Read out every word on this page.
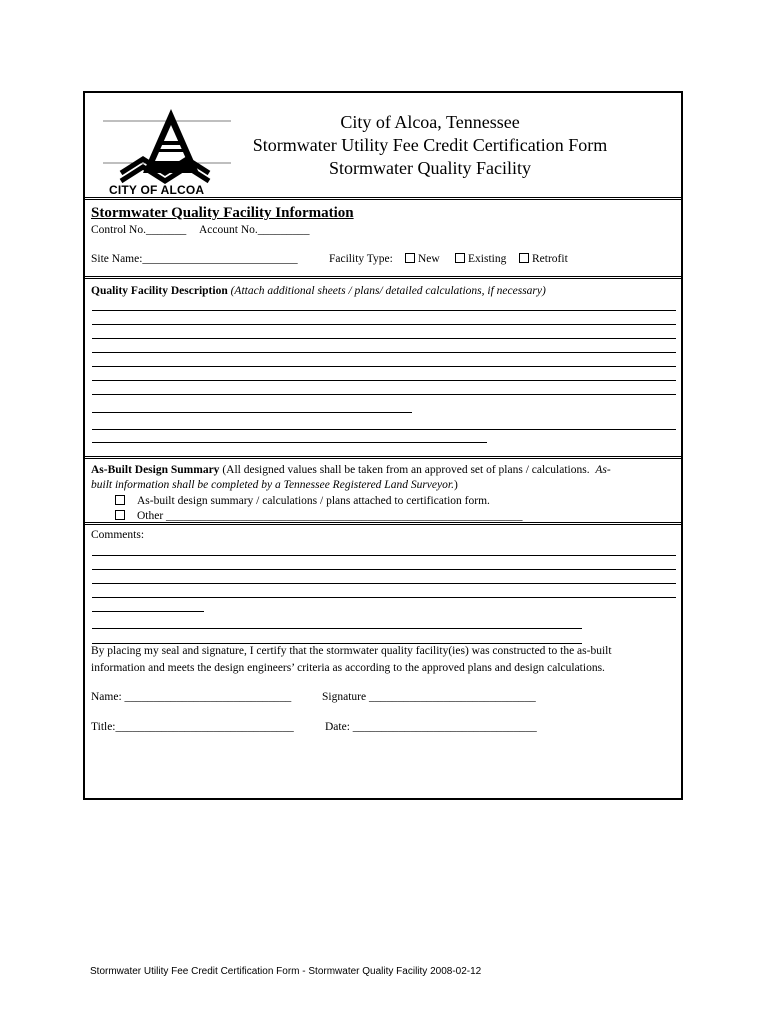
CITY OF ALCOA
City of Alcoa, Tennessee
Stormwater Utility Fee Credit Certification Form
Stormwater Quality Facility
Stormwater Quality Facility Information
Control No._______ Account No._________
Site Name:___________________________	Facility Type:	New	Existing	Retrofit
Quality Facility Description (Attach additional sheets / plans/ detailed calculations, if necessary)
As-Built Design Summary (All designed values shall be taken from an approved set of plans / calculations. As-
built information shall be completed by a Tennessee Registered Land Surveyor.)
As-built design summary / calculations / plans attached to certification form.
Other ______________________________________________________________
Comments:
By placing my seal and signature, I certify that the stormwater quality facility(ies) was constructed to the as-built
information and meets the design engineers’ criteria as according to the approved plans and design calculations.
Name: _____________________________	Signature _____________________________
Title:_______________________________	Date: ________________________________
Stormwater Utility Fee Credit Certification Form - Stormwater Quality Facility 2008-02-12
